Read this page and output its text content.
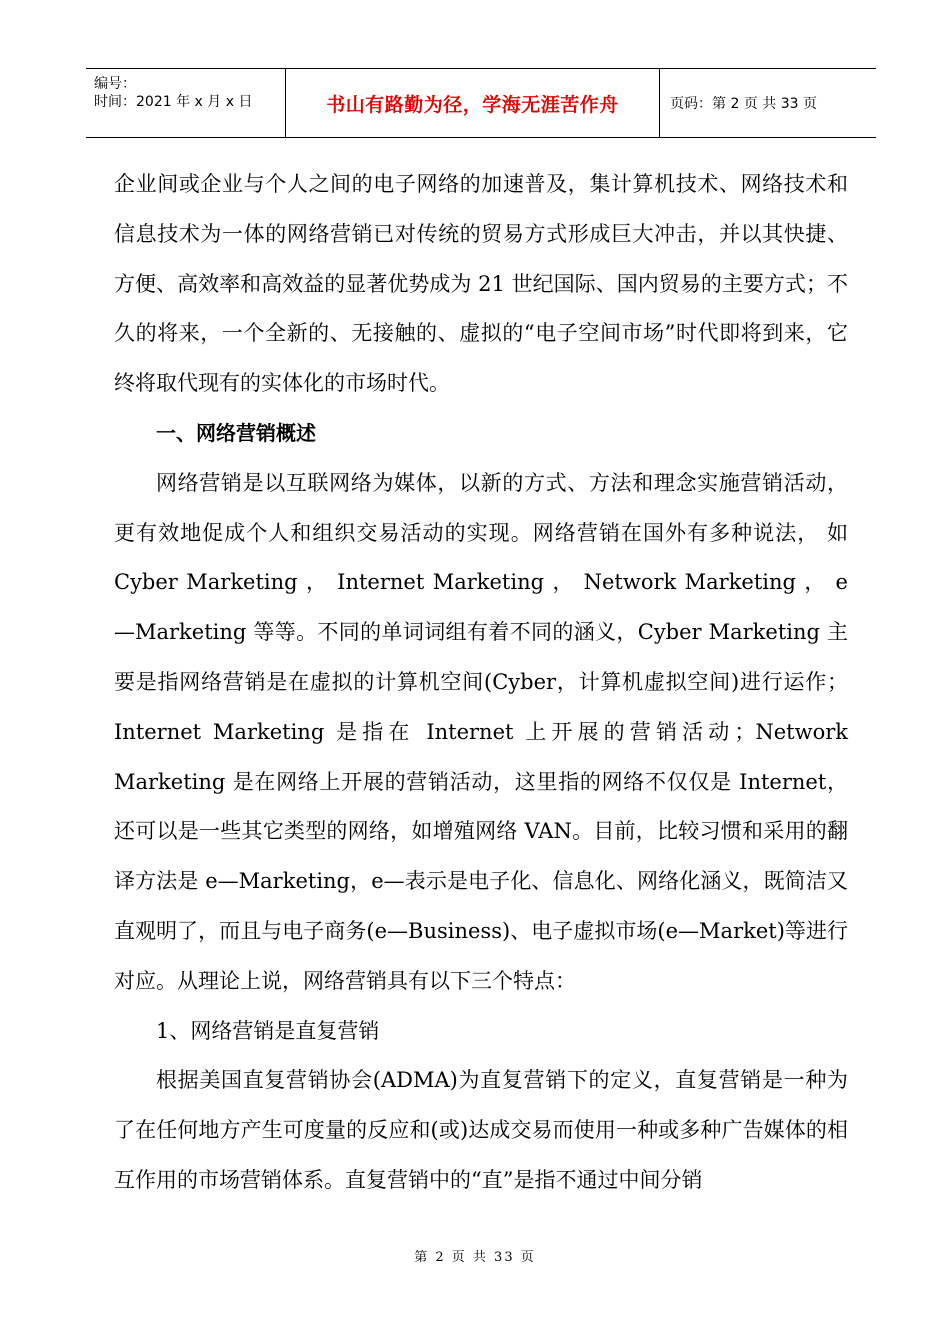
编号：
时间：2021 年 x 月 x 日	书山有路勤为径，学海无涯苦作舟	页码：第 2 页 共 33 页

企业间或企业与个人之间的电子网络的加速普及，集计算机技术、网络技术和信息技术为一体的网络营销已对传统的贸易方式形成巨大冲击，并以其快捷、方便、高效率和高效益的显著优势成为 21 世纪国际、国内贸易的主要方式；不久的将来，一个全新的、无接触的、虚拟的“电子空间市场”时代即将到来，它终将取代现有的实体化的市场时代。

一、网络营销概述

网络营销是以互联网络为媒体，以新的方式、方法和理念实施营销活动，更有效地促成个人和组织交易活动的实现。网络营销在国外有多种说法， 如 Cyber Marketing ， Internet Marketing ， Network Marketing ， e—Marketing 等等。不同的单词词组有着不同的涵义，Cyber Marketing 主要是指网络营销是在虚拟的计算机空间(Cyber，计算机虚拟空间)进行运作；Internet Marketing 是指在 Internet 上开展的营销活动；Network Marketing 是在网络上开展的营销活动，这里指的网络不仅仅是 Internet，还可以是一些其它类型的网络，如增殖网络 VAN。目前，比较习惯和采用的翻译方法是 e—Marketing，e—表示是电子化、信息化、网络化涵义，既简洁又直观明了，而且与电子商务(e—Business)、电子虚拟市场(e—Market)等进行对应。从理论上说，网络营销具有以下三个特点：

1、网络营销是直复营销

根据美国直复营销协会(ADMA)为直复营销下的定义，直复营销是一种为了在任何地方产生可度量的反应和(或)达成交易而使用一种或多种广告媒体的相互作用的市场营销体系。直复营销中的“直”是指不通过中间分销

第 2 页 共 33 页
